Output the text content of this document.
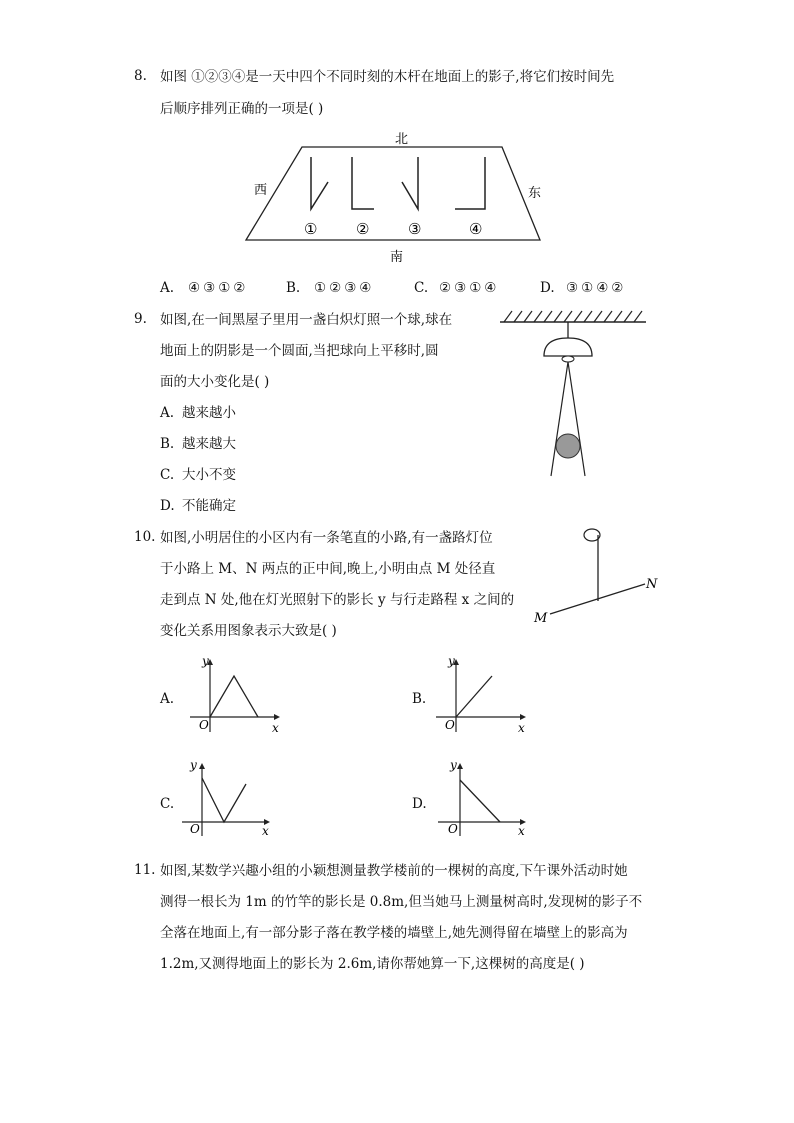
8. 如图 ①②③④是一天中四个不同时刻的木杆在地面上的影子,将它们按时间先
后顺序排列正确的一项是( )
北
南
西	东
①	②	③	④
A. ④③①②	B. ①②③④	C. ②③①④	D. ③①④②
9. 如图,在一间黑屋子里用一盏白炽灯照一个球,球在
地面上的阴影是一个圆面,当把球向上平移时,圆
面的大小变化是( )
A. 越来越小
B. 越来越大
C. 大小不变
D. 不能确定
10. 如图,小明居住的小区内有一条笔直的小路,有一盏路灯位
于小路上 M、N 两点的正中间,晚上,小明由点 M 处径直
走到点 N 处,他在灯光照射下的影长 y 与行走路程 x 之间的
变化关系用图象表示大致是( )
M
N
A.
y
x
O
B.
y
x
O
C.
y
x
O
D.
y
x
O
11. 如图,某数学兴趣小组的小颖想测量教学楼前的一棵树的高度,下午课外活动时她
测得一根长为 1m 的竹竿的影长是 0.8m,但当她马上测量树高时,发现树的影子不
全落在地面上,有一部分影子落在教学楼的墙壁上,她先测得留在墙壁上的影高为
1.2m,又测得地面上的影长为 2.6m,请你帮她算一下,这棵树的高度是( )
